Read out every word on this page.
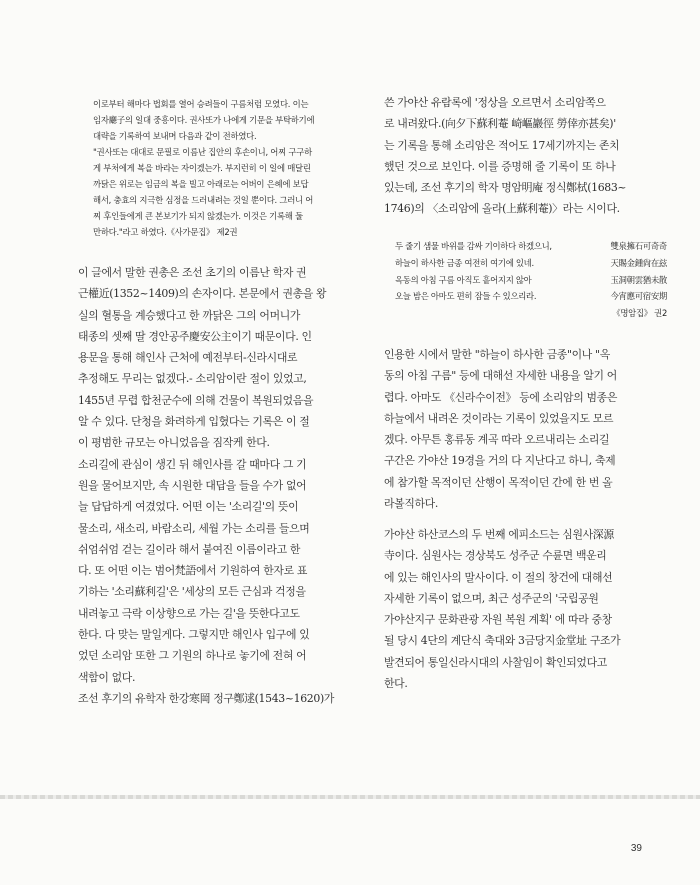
이로부터 해마다 법회를 열어 승려들이 구름처럼 모였다. 이는

임자廳子의 일대 중흥이다. 권사또가 나에게 기문을 부탁하기에

대략을 기록하여 보내며 다음과 같이 전하였다.

"권사또는 대대로 문필로 이름난 집안의 후손이니, 어찌 구구하

게 부처에게 복을 바라는 자이겠는가. 부지런히 이 일에 매달린

까닭은 위로는 임금의 복을 빌고 아래로는 어버이 은혜에 보답

해서, 충효의 지극한 심정을 드러내려는 것일 뿐이다. 그러니 어

찌 후인들에게 큰 본보기가 되지 않겠는가. 이것은 기록해 둘

만하다."라고 하였다.《사가문집》 제2권

이 글에서 말한 권총은 조선 초기의 이름난 학자 권

근權近(1352~1409)의 손자이다. 본문에서 권총을 왕

실의 혈통을 계승했다고 한 까닭은 그의 어머니가

태종의 셋째 딸 경안공주慶安公主이기 때문이다. 인

용문을 통해 해인사 근처에 예전부터-신라시대로

추정해도 무리는 없겠다.- 소리암이란 절이 있었고,

1455년 무렵 합천군수에 의해 건물이 복원되었음을

알 수 있다. 단청을 화려하게 입혔다는 기록은 이 절

이 평범한 규모는 아니었음을 짐작케 한다.

소리길에 관심이 생긴 뒤 해인사를 갈 때마다 그 기

원을 물어보지만, 속 시원한 대답을 들을 수가 없어

늘 답답하게 여겼었다. 어떤 이는 '소리길'의 뜻이

물소리, 새소리, 바람소리, 세월 가는 소리를 들으며

쉬엄쉬엄 걷는 길이라 해서 붙여진 이름이라고 한

다. 또 어떤 이는 범어梵語에서 기원하여 한자로 표

기하는 '소리蘇利길'은 '세상의 모든 근심과 걱정을

내려놓고 극락 이상향으로 가는 길'을 뜻한다고도

한다. 다 맞는 말일게다. 그렇지만 해인사 입구에 있

었던 소리암 또한 그 기원의 하나로 놓기에 전혀 어

색함이 없다.

조선 후기의 유학자 한강寒岡 정구鄭逑(1543~1620)가

쓴 가야산 유람록에 '정상을 오르면서 소리암쪽으

로 내려왔다.(向夕下蘇利菴 崎嶇巖徑 勞倖亦甚矣)'

는 기록을 통해 소리암은 적어도 17세기까지는 존치

했던 것으로 보인다. 이를 증명해 줄 기록이 또 하나

있는데, 조선 후기의 학자 명암明庵 정식鄭栻(1683~

1746)의 〈소리암에 올라(上蘇利菴)〉라는 시이다.

두 줄기 샘물 바위를 감싸 기이하다 하겠으니,	雙泉擁石可奇奇
하늘이 하사한 금종 여전히 여기에 있네.	天賜金鍾尙在玆
옥동의 아침 구름 아직도 흩어지지 않아	玉洞朝雲猶未散
오늘 밤은 아마도 편히 잠들 수 있으리라.	今宵應可宿安期
《명암집》 권2

인용한 시에서 말한 "하늘이 하사한 금종"이나 "옥

동의 아침 구름" 등에 대해선 자세한 내용을 알기 어

렵다. 아마도 《신라수이전》 등에 소리암의 범종은

하늘에서 내려온 것이라는 기록이 있었을지도 모르

겠다. 아무튼 홍류동 계곡 따라 오르내리는 소리길

구간은 가야산 19경을 거의 다 지난다고 하니, 축제

에 참가할 목적이던 산행이 목적이던 간에 한 번 올

라볼직하다.

가야산 하산코스의 두 번째 에피소드는 심원사深源

寺이다. 심원사는 경상북도 성주군 수륜면 백운리

에 있는 해인사의 말사이다. 이 절의 창건에 대해선

자세한 기록이 없으며, 최근 성주군의 '국립공원

가야산지구 문화관광 자원 복원 계획' 에 따라 중창

될 당시 4단의 계단식 축대와 3금당지金堂址 구조가

발견되어 통일신라시대의 사찰임이 확인되었다고

한다.

39
